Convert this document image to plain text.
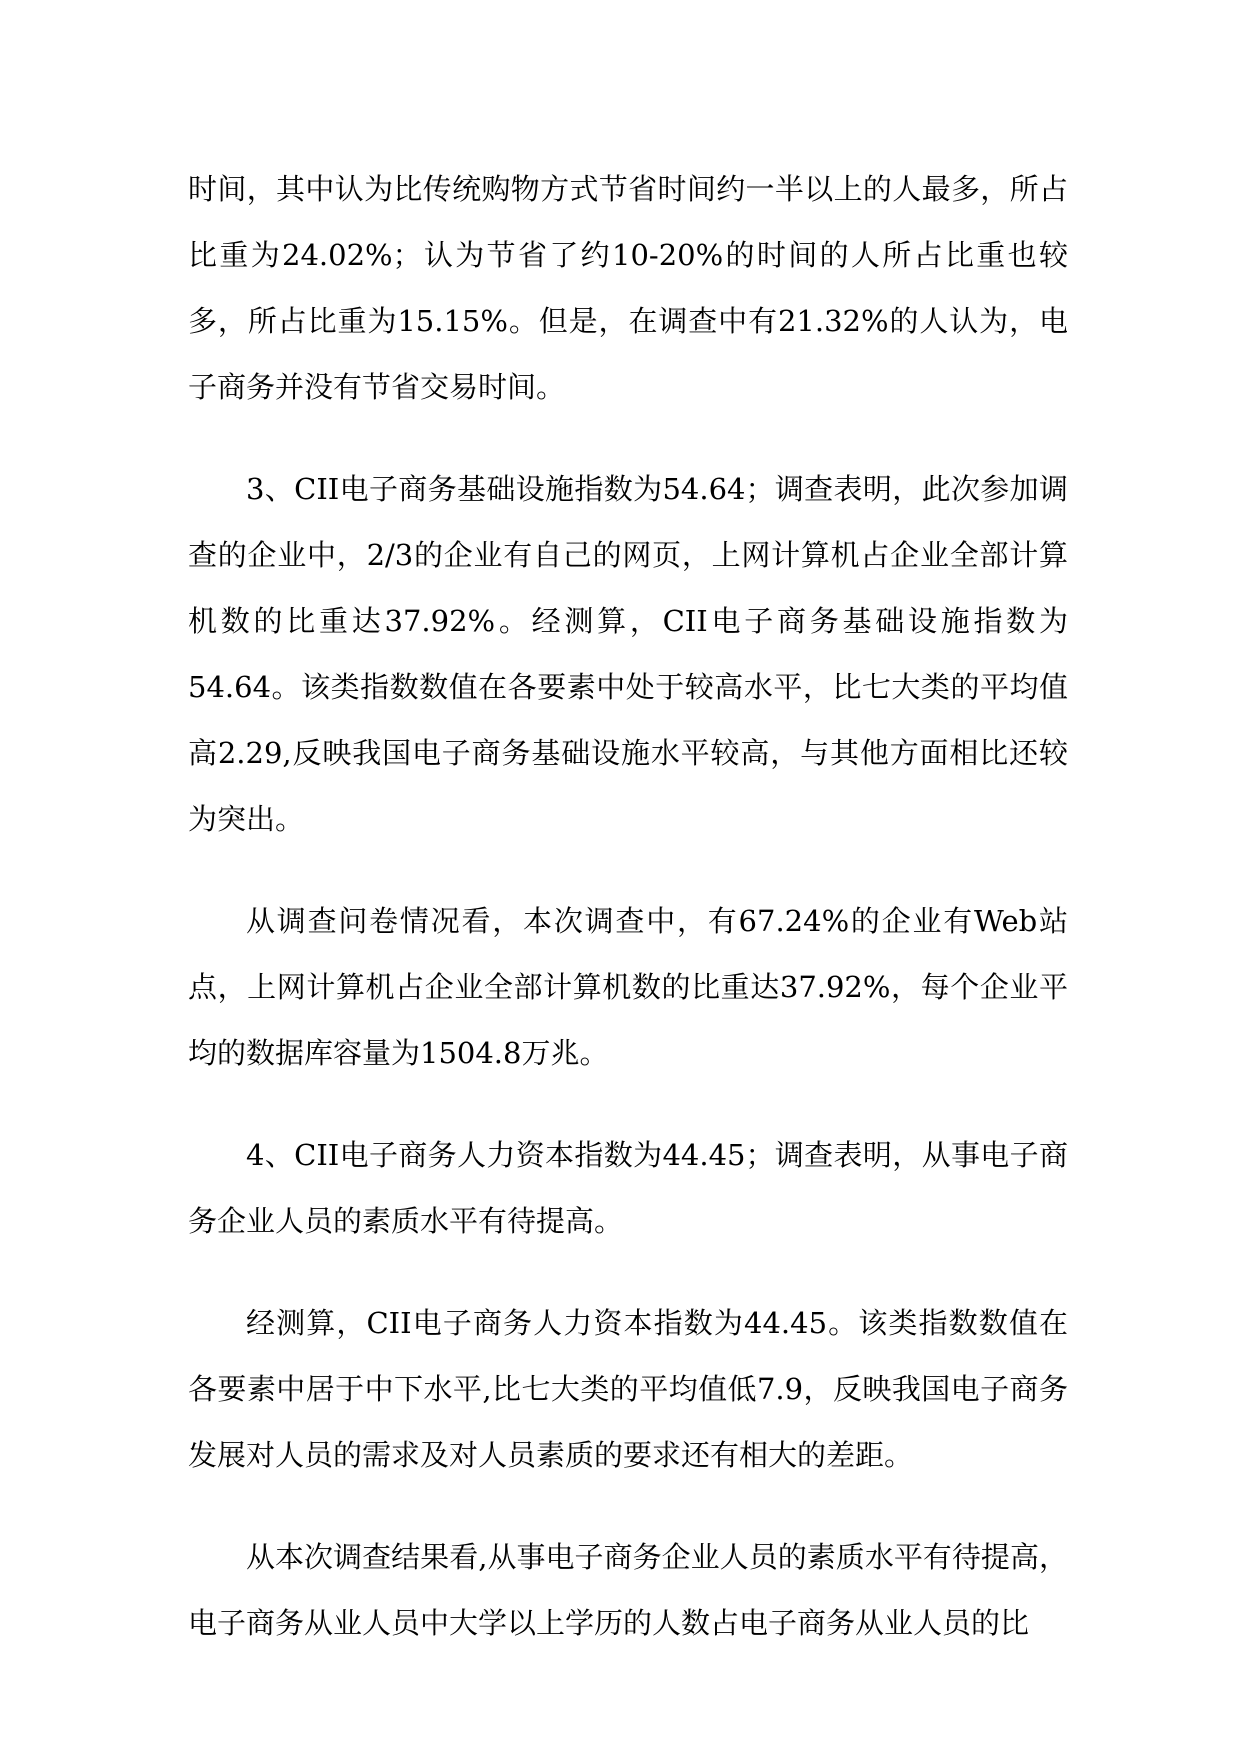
时间，其中认为比传统购物方式节省时间约一半以上的人最多，所占比重为24.02%；认为节省了约10-20%的时间的人所占比重也较多，所占比重为15.15%。但是，在调查中有21.32%的人认为，电子商务并没有节省交易时间。

3、CII电子商务基础设施指数为54.64；调查表明，此次参加调查的企业中，2/3的企业有自己的网页，上网计算机占企业全部计算机数的比重达37.92%。经测算，CII电子商务基础设施指数为54.64。该类指数数值在各要素中处于较高水平，比七大类的平均值高2.29,反映我国电子商务基础设施水平较高，与其他方面相比还较为突出。

从调查问卷情况看，本次调查中，有67.24%的企业有Web站点，上网计算机占企业全部计算机数的比重达37.92%，每个企业平均的数据库容量为1504.8万兆。

4、CII电子商务人力资本指数为44.45；调查表明，从事电子商务企业人员的素质水平有待提高。

经测算，CII电子商务人力资本指数为44.45。该类指数数值在各要素中居于中下水平,比七大类的平均值低7.9，反映我国电子商务发展对人员的需求及对人员素质的要求还有相大的差距。

从本次调查结果看,从事电子商务企业人员的素质水平有待提高，电子商务从业人员中大学以上学历的人数占电子商务从业人员的比
